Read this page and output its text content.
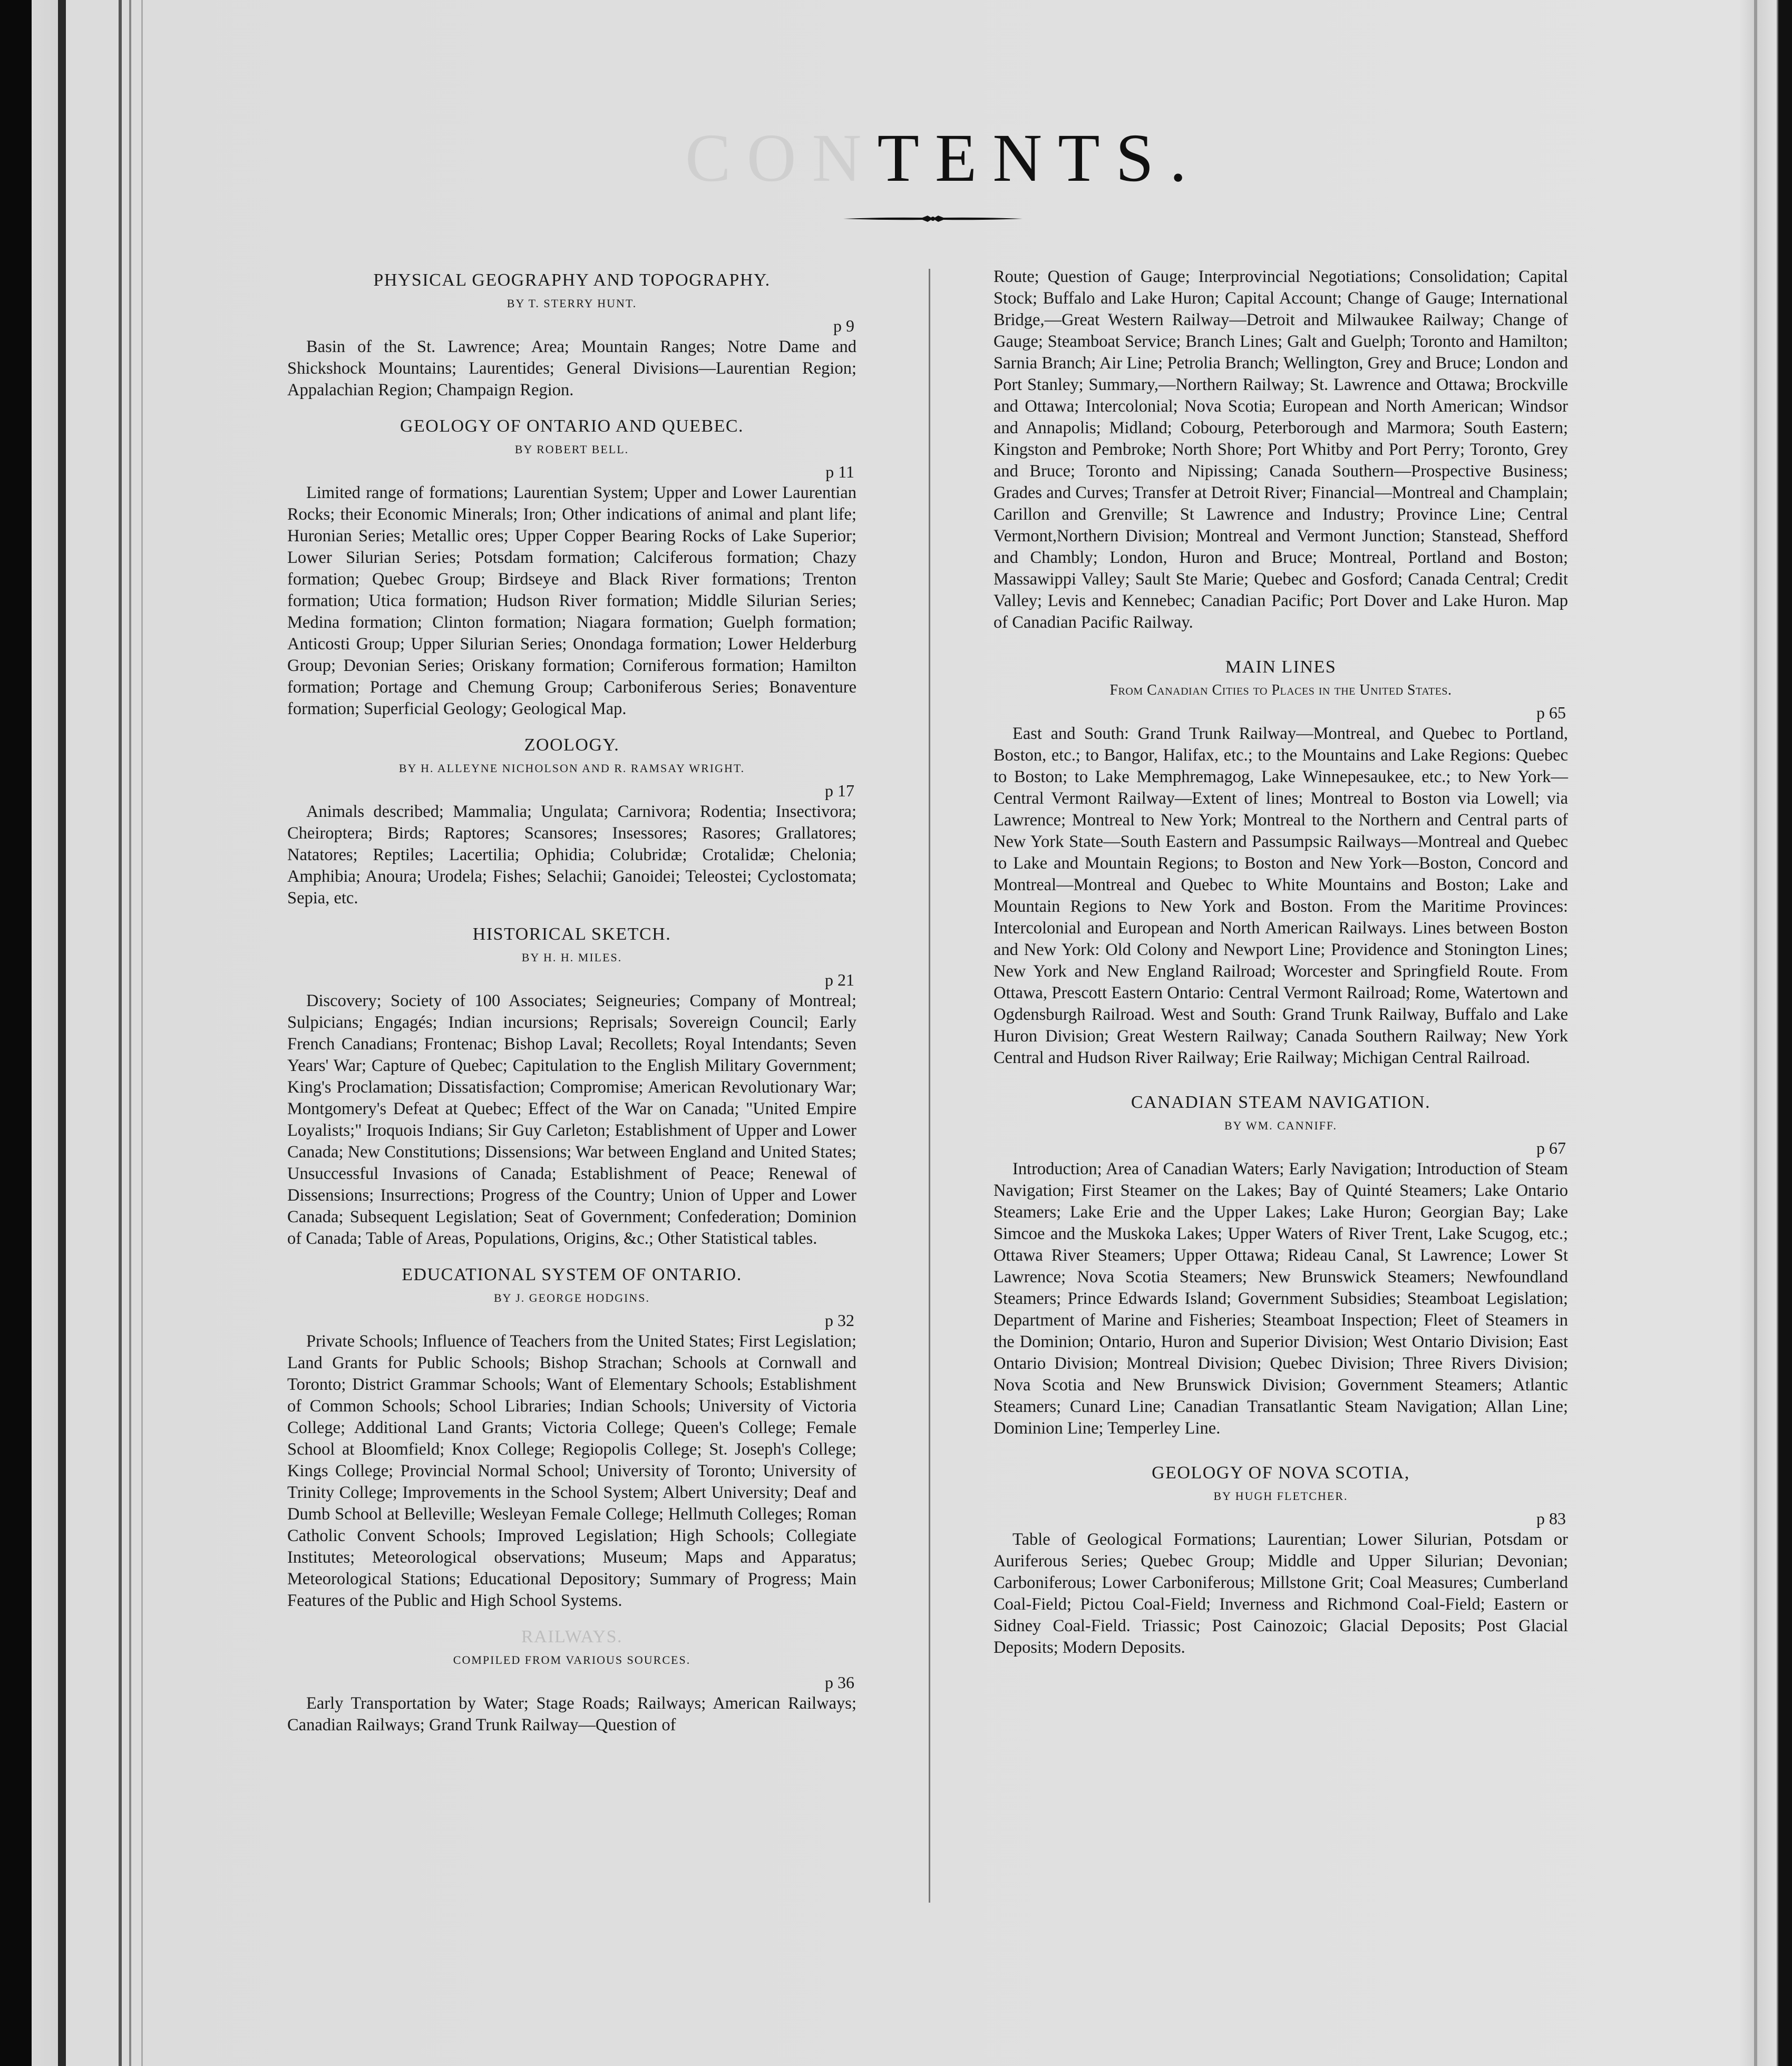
CONTENTS.

PHYSICAL GEOGRAPHY AND TOPOGRAPHY.

BY T. STERRY HUNT.

p 9

Basin of the St. Lawrence; Area; Mountain Ranges; Notre Dame and Shickshock Mountains; Laurentides; General Divisions—Laurentian Region; Appalachian Region; Champaign Region.

GEOLOGY OF ONTARIO AND QUEBEC.

BY ROBERT BELL.

p 11

Limited range of formations; Laurentian System; Upper and Lower Laurentian Rocks; their Economic Minerals; Iron; Other indications of animal and plant life; Huronian Series; Metallic ores; Upper Copper Bearing Rocks of Lake Superior; Lower Silurian Series; Potsdam formation; Calciferous formation; Chazy formation; Quebec Group; Birdseye and Black River formations; Trenton formation; Utica formation; Hudson River formation; Middle Silurian Series; Medina formation; Clinton formation; Niagara formation; Guelph formation; Anticosti Group; Upper Silurian Series; Onondaga formation; Lower Helderburg Group; Devonian Series; Oriskany formation; Corniferous formation; Hamilton formation; Portage and Chemung Group; Carboniferous Series; Bonaventure formation; Superficial Geology; Geological Map.

ZOOLOGY.

BY H. ALLEYNE NICHOLSON AND R. RAMSAY WRIGHT.

p 17

Animals described; Mammalia; Ungulata; Carnivora; Rodentia; Insectivora; Cheiroptera; Birds; Raptores; Scansores; Insessores; Rasores; Grallatores; Natatores; Reptiles; Lacertilia; Ophidia; Colubridæ; Crotalidæ; Chelonia; Amphibia; Anoura; Urodela; Fishes; Selachii; Ganoidei; Teleostei; Cyclostomata; Sepia, etc.

HISTORICAL SKETCH.

BY H. H. MILES.

p 21

Discovery; Society of 100 Associates; Seigneuries; Company of Montreal; Sulpicians; Engagés; Indian incursions; Reprisals; Sovereign Council; Early French Canadians; Frontenac; Bishop Laval; Recollets; Royal Intendants; Seven Years' War; Capture of Quebec; Capitulation to the English Military Government; King's Proclamation; Dissatisfaction; Compromise; American Revolutionary War; Montgomery's Defeat at Quebec; Effect of the War on Canada; "United Empire Loyalists;" Iroquois Indians; Sir Guy Carleton; Establishment of Upper and Lower Canada; New Constitutions; Dissensions; War between England and United States; Unsuccessful Invasions of Canada; Establishment of Peace; Renewal of Dissensions; Insurrections; Progress of the Country; Union of Upper and Lower Canada; Subsequent Legislation; Seat of Government; Confederation; Dominion of Canada; Table of Areas, Populations, Origins, &c.; Other Statistical tables.

EDUCATIONAL SYSTEM OF ONTARIO.

BY J. GEORGE HODGINS.

p 32

Private Schools; Influence of Teachers from the United States; First Legislation; Land Grants for Public Schools; Bishop Strachan; Schools at Cornwall and Toronto; District Grammar Schools; Want of Elementary Schools; Establishment of Common Schools; School Libraries; Indian Schools; University of Victoria College; Additional Land Grants; Victoria College; Queen's College; Female School at Bloomfield; Knox College; Regiopolis College; St. Joseph's College; Kings College; Provincial Normal School; University of Toronto; University of Trinity College; Improvements in the School System; Albert University; Deaf and Dumb School at Belleville; Wesleyan Female College; Hellmuth Colleges; Roman Catholic Convent Schools; Improved Legislation; High Schools; Collegiate Institutes; Meteorological observations; Museum; Maps and Apparatus; Meteorological Stations; Educational Depository; Summary of Progress; Main Features of the Public and High School Systems.

RAILWAYS.

COMPILED FROM VARIOUS SOURCES.

p 36

Early Transportation by Water; Stage Roads; Railways; American Railways; Canadian Railways; Grand Trunk Railway—Question of

Route; Question of Gauge; Interprovincial Negotiations; Consolidation; Capital Stock; Buffalo and Lake Huron; Capital Account; Change of Gauge; International Bridge,—Great Western Railway—Detroit and Milwaukee Railway; Change of Gauge; Steamboat Service; Branch Lines; Galt and Guelph; Toronto and Hamilton; Sarnia Branch; Air Line; Petrolia Branch; Wellington, Grey and Bruce; London and Port Stanley; Summary,—Northern Railway; St. Lawrence and Ottawa; Brockville and Ottawa; Intercolonial; Nova Scotia; European and North American; Windsor and Annapolis; Midland; Cobourg, Peterborough and Marmora; South Eastern; Kingston and Pembroke; North Shore; Port Whitby and Port Perry; Toronto, Grey and Bruce; Toronto and Nipissing; Canada Southern—Prospective Business; Grades and Curves; Transfer at Detroit River; Financial—Montreal and Champlain; Carillon and Grenville; St Lawrence and Industry; Province Line; Central Vermont,Northern Division; Montreal and Vermont Junction; Stanstead, Shefford and Chambly; London, Huron and Bruce; Montreal, Portland and Boston; Massawippi Valley; Sault Ste Marie; Quebec and Gosford; Canada Central; Credit Valley; Levis and Kennebec; Canadian Pacific; Port Dover and Lake Huron. Map of Canadian Pacific Railway.

MAIN LINES

From Canadian Cities to Places in the United States.

p 65

East and South: Grand Trunk Railway—Montreal, and Quebec to Portland, Boston, etc.; to Bangor, Halifax, etc.; to the Mountains and Lake Regions: Quebec to Boston; to Lake Memphremagog, Lake Winnepesaukee, etc.; to New York—Central Vermont Railway—Extent of lines; Montreal to Boston via Lowell; via Lawrence; Montreal to New York; Montreal to the Northern and Central parts of New York State—South Eastern and Passumpsic Railways—Montreal and Quebec to Lake and Mountain Regions; to Boston and New York—Boston, Concord and Montreal—Montreal and Quebec to White Mountains and Boston; Lake and Mountain Regions to New York and Boston. From the Maritime Provinces: Intercolonial and European and North American Railways. Lines between Boston and New York: Old Colony and Newport Line; Providence and Stonington Lines; New York and New England Railroad; Worcester and Springfield Route. From Ottawa, Prescott Eastern Ontario: Central Vermont Railroad; Rome, Watertown and Ogdensburgh Railroad. West and South: Grand Trunk Railway, Buffalo and Lake Huron Division; Great Western Railway; Canada Southern Railway; New York Central and Hudson River Railway; Erie Railway; Michigan Central Railroad.

CANADIAN STEAM NAVIGATION.

BY WM. CANNIFF.

p 67

Introduction; Area of Canadian Waters; Early Navigation; Introduction of Steam Navigation; First Steamer on the Lakes; Bay of Quinté Steamers; Lake Ontario Steamers; Lake Erie and the Upper Lakes; Lake Huron; Georgian Bay; Lake Simcoe and the Muskoka Lakes; Upper Waters of River Trent, Lake Scugog, etc.; Ottawa River Steamers; Upper Ottawa; Rideau Canal, St Lawrence; Lower St Lawrence; Nova Scotia Steamers; New Brunswick Steamers; Newfoundland Steamers; Prince Edwards Island; Government Subsidies; Steamboat Legislation; Department of Marine and Fisheries; Steamboat Inspection; Fleet of Steamers in the Dominion; Ontario, Huron and Superior Division; West Ontario Division; East Ontario Division; Montreal Division; Quebec Division; Three Rivers Division; Nova Scotia and New Brunswick Division; Government Steamers; Atlantic Steamers; Cunard Line; Canadian Transatlantic Steam Navigation; Allan Line; Dominion Line; Temperley Line.

GEOLOGY OF NOVA SCOTIA,

BY HUGH FLETCHER.

p 83

Table of Geological Formations; Laurentian; Lower Silurian, Potsdam or Auriferous Series; Quebec Group; Middle and Upper Silurian; Devonian; Carboniferous; Lower Carboniferous; Millstone Grit; Coal Measures; Cumberland Coal-Field; Pictou Coal-Field; Inverness and Richmond Coal-Field; Eastern or Sidney Coal-Field. Triassic; Post Cainozoic; Glacial Deposits; Post Glacial Deposits; Modern Deposits.
